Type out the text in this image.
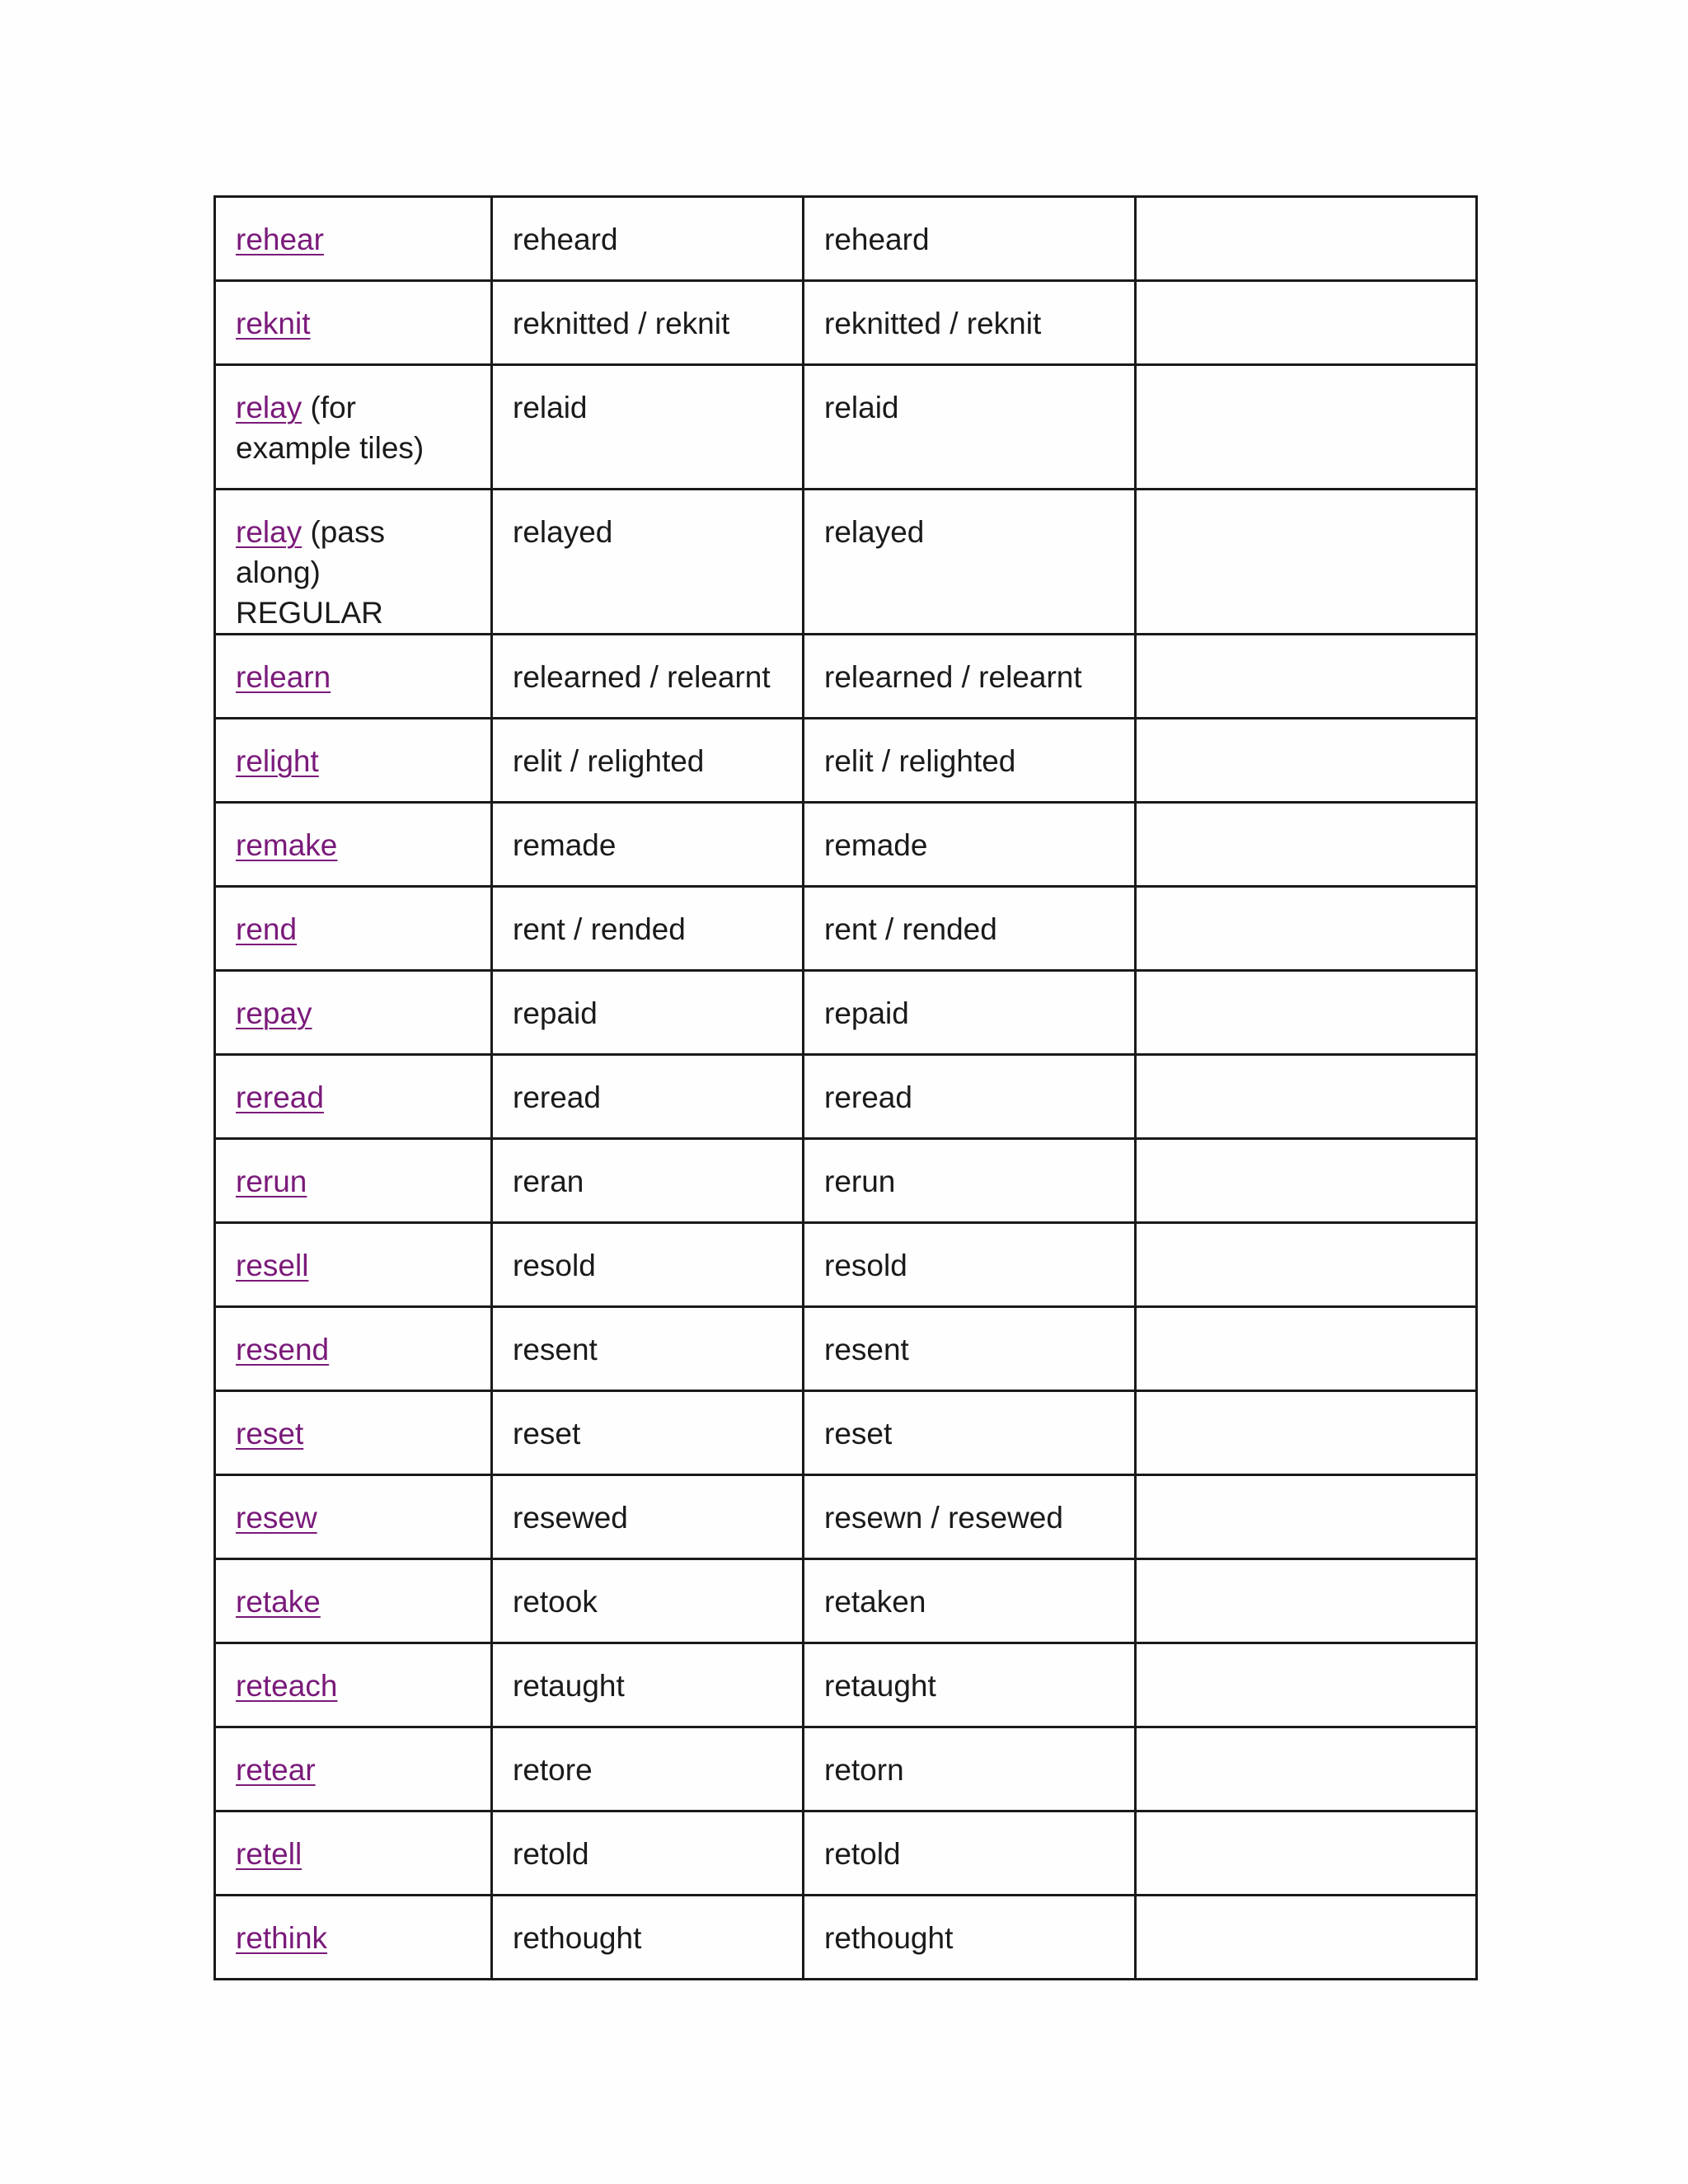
rehear	reheard	reheard	
reknit	reknitted / reknit	reknitted / reknit	
relay (for example tiles)	relaid	relaid	
relay (pass along) REGULAR	relayed	relayed	
relearn	relearned / relearnt	relearned / relearnt	
relight	relit / relighted	relit / relighted	
remake	remade	remade	
rend	rent / rended	rent / rended	
repay	repaid	repaid	
reread	reread	reread	
rerun	reran	rerun	
resell	resold	resold	
resend	resent	resent	
reset	reset	reset	
resew	resewed	resewn / resewed	
retake	retook	retaken	
reteach	retaught	retaught	
retear	retore	retorn	
retell	retold	retold	
rethink	rethought	rethought	
